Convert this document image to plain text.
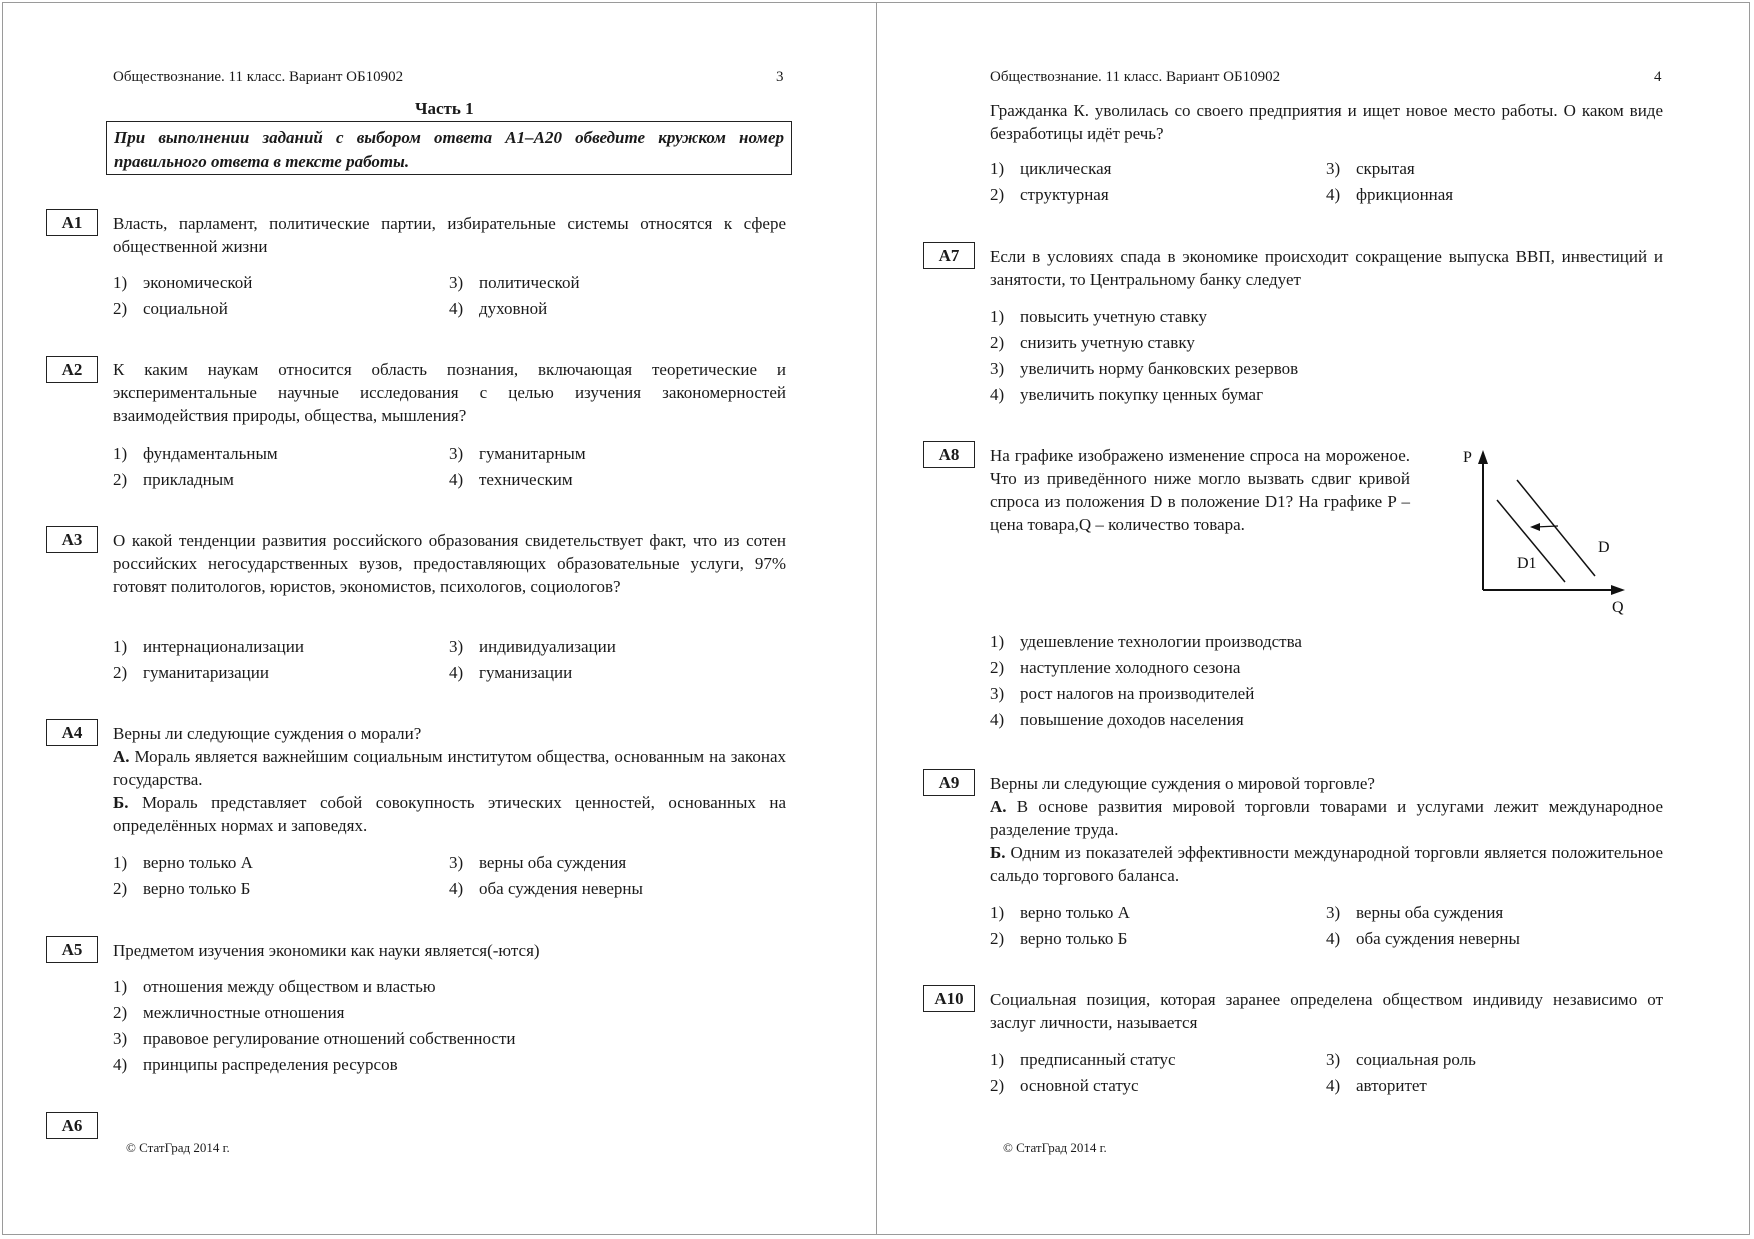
Обществознание. 11 класс. Вариант ОБ10902	3
Часть 1
При выполнении заданий с выбором ответа А1–А20 обведите кружком номер правильного ответа в тексте работы.
А1	Власть, парламент, политические партии, избирательные системы относятся к сфере общественной жизни
1) экономической
2) социальной
3) политической
4) духовной
А2	К каким наукам относится область познания, включающая теоретические и экспериментальные научные исследования с целью изучения закономерностей взаимодействия природы, общества, мышления?
1) фундаментальным
2) прикладным
3) гуманитарным
4) техническим
А3	О какой тенденции развития российского образования свидетельствует факт, что из сотен российских негосударственных вузов, предоставляющих образовательные услуги, 97% готовят политологов, юристов, экономистов, психологов, социологов?
1) интернационализации
2) гуманитаризации
3) индивидуализации
4) гуманизации
А4	Верны ли следующие суждения о морали?

А. Мораль является важнейшим социальным институтом общества, основанным на законах государства.

Б. Мораль представляет собой совокупность этических ценностей, основанных на определённых нормах и заповедях.

1) верно только А
2) верно только Б
3) верны оба суждения
4) оба суждения неверны
А5	Предметом изучения экономики как науки является(-ются)
1) отношения между обществом и властью
2) межличностные отношения
3) правовое регулирование отношений собственности
4) принципы распределения ресурсов
А6
© СтатГрад 2014 г.
Обществознание. 11 класс. Вариант ОБ10902	4
Гражданка К. уволилась со своего предприятия и ищет новое место работы. О каком виде безработицы идёт речь?
1) циклическая
2) структурная
3) скрытая
4) фрикционная
А7	Если в условиях спада в экономике происходит сокращение выпуска ВВП, инвестиций и занятости, то Центральному банку следует
1) повысить учетную ставку
2) снизить учетную ставку
3) увеличить норму банковских резервов
4) увеличить покупку ценных бумаг
А8	На графике изображено изменение спроса на мороженое. Что из приведённого ниже могло вызвать сдвиг кривой спроса из положения D в положение D1? На графике P – цена товара,Q – количество товара.
1) удешевление технологии производства
2) наступление холодного сезона
3) рост налогов на производителей
4) повышение доходов населения
А9	Верны ли следующие суждения о мировой торговле?

А. В основе развития мировой торговли товарами и услугами лежит международное разделение труда.

Б. Одним из показателей эффективности международной торговли является положительное сальдо торгового баланса.

1) верно только А
2) верно только Б
3) верны оба суждения
4) оба суждения неверны
А10	Социальная позиция, которая заранее определена обществом индивиду независимо от заслуг личности, называется
1) предписанный статус
2) основной статус
3) социальная роль
4) авторитет
© СтатГрад 2014 г.
P
Q
D
D1
